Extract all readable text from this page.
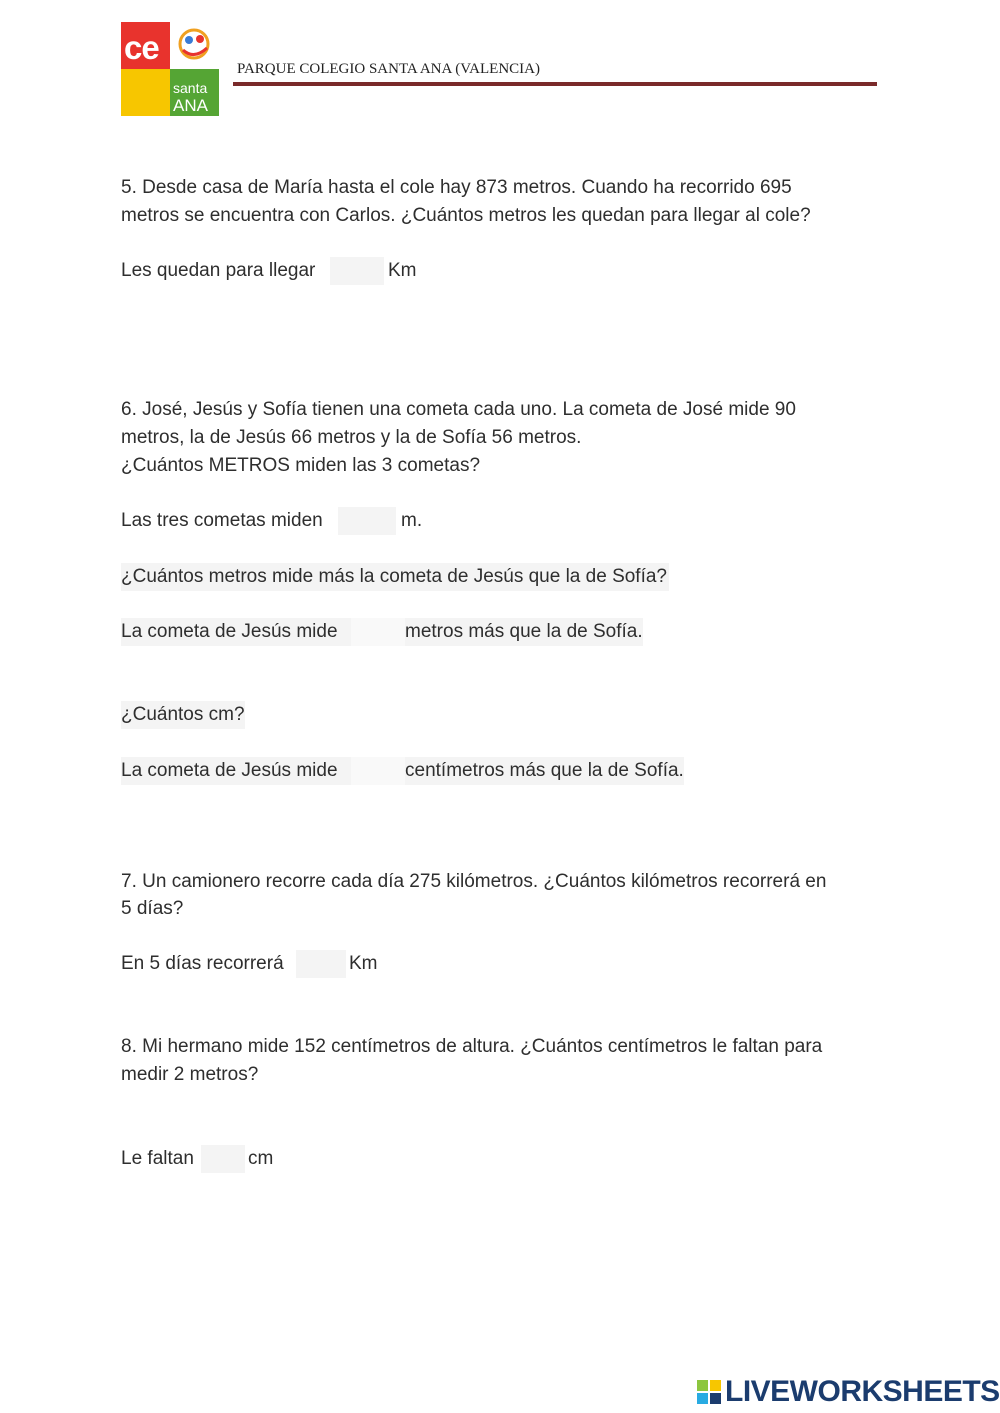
ce
santa
ANA
PARQUE COLEGIO SANTA ANA (VALENCIA)
5. Desde casa de María hasta el cole hay 873 metros. Cuando ha recorrido 695
metros se encuentra con Carlos. ¿Cuántos metros les quedan para llegar al cole?
Les quedan para llegar	Km
6. José, Jesús y Sofía tienen una cometa cada uno. La cometa de José mide 90
metros, la de Jesús 66 metros y la de Sofía 56 metros.
¿Cuántos METROS miden las 3 cometas?
Las tres cometas miden	m.
¿Cuántos metros mide más la cometa de Jesús que la de Sofía?
La cometa de Jesús mide	metros más que la de Sofía.
¿Cuántos cm?
La cometa de Jesús mide	centímetros más que la de Sofía.
7. Un camionero recorre cada día 275 kilómetros. ¿Cuántos kilómetros recorrerá en
5 días?
En 5 días recorrerá	Km
8. Mi hermano mide 152 centímetros de altura. ¿Cuántos centímetros le faltan para
medir 2 metros?
Le faltan	cm
LIVEWORKSHEETS
